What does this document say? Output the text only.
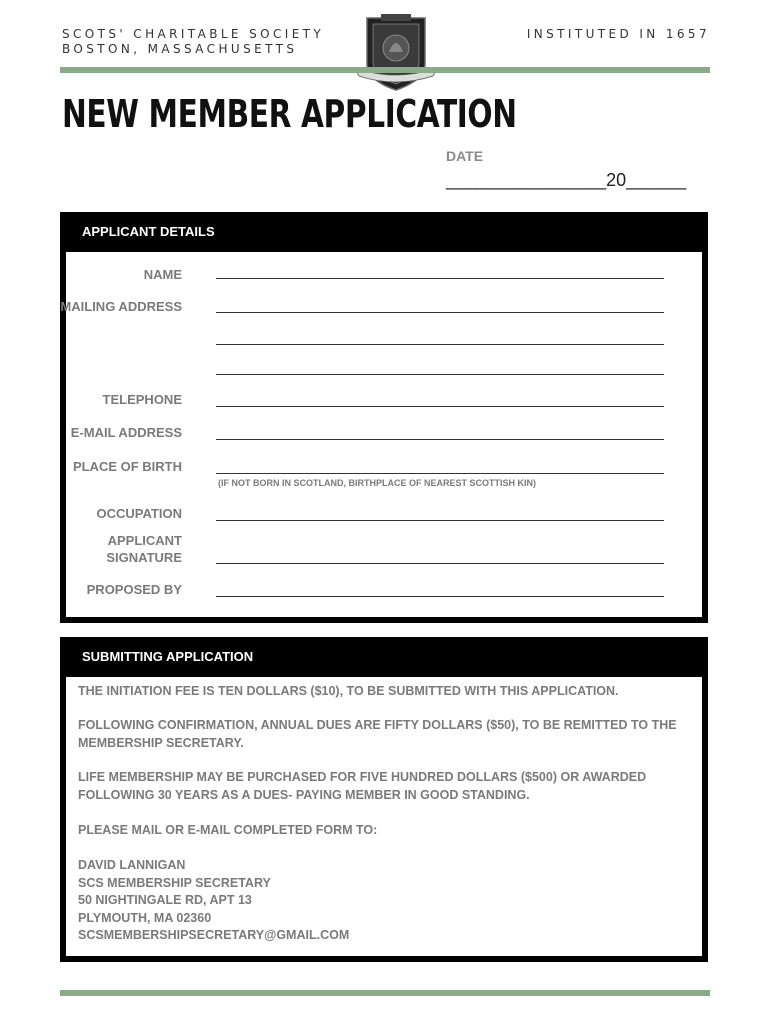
SCOTS' CHARITABLE SOCIETY
BOSTON, MASSACHUSETTS
INSTITUTED IN 1657
NEW MEMBER APPLICATION
DATE
________________20______
APPLICANT DETAILS
NAME
MAILING ADDRESS
TELEPHONE
E-MAIL ADDRESS
PLACE OF BIRTH
(IF NOT BORN IN SCOTLAND, BIRTHPLACE OF NEAREST SCOTTISH KIN)
OCCUPATION
APPLICANT
SIGNATURE
PROPOSED BY
SUBMITTING APPLICATION
THE INITIATION FEE IS TEN DOLLARS ($10), TO BE SUBMITTED WITH THIS APPLICATION.
FOLLOWING CONFIRMATION, ANNUAL DUES ARE FIFTY DOLLARS ($50), TO BE REMITTED TO THE
MEMBERSHIP SECRETARY.
LIFE MEMBERSHIP MAY BE PURCHASED FOR FIVE HUNDRED DOLLARS ($500) OR AWARDED
FOLLOWING 30 YEARS AS A DUES- PAYING MEMBER IN GOOD STANDING.
PLEASE MAIL OR E-MAIL COMPLETED FORM TO:
DAVID LANNIGAN
SCS MEMBERSHIP SECRETARY
50 NIGHTINGALE RD, APT 13
PLYMOUTH, MA 02360
SCSMEMBERSHIPSECRETARY@GMAIL.COM
